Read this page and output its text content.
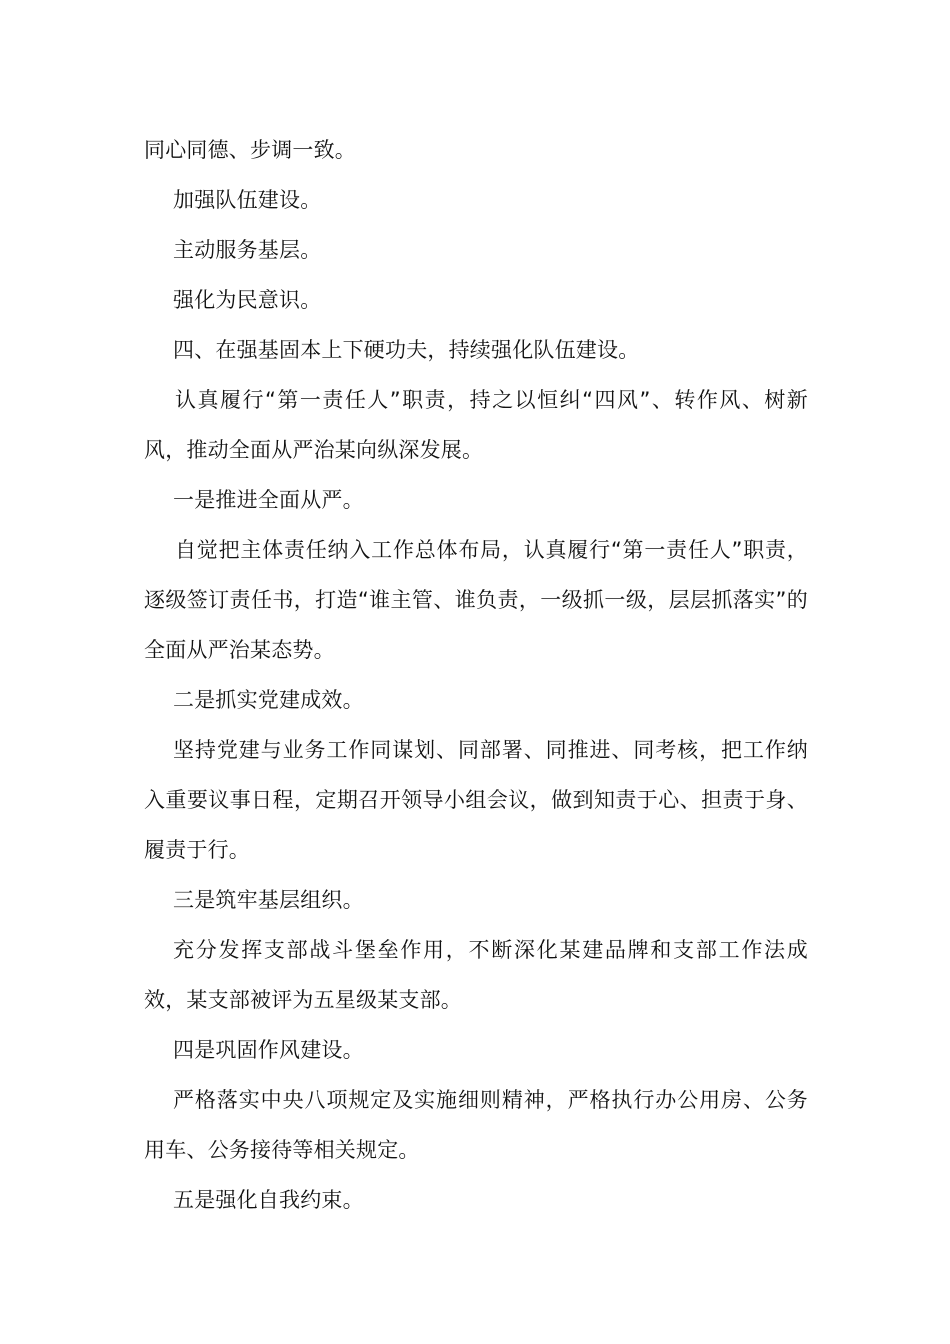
同心同德、步调一致。

加强队伍建设。

主动服务基层。

强化为民意识。

四、在强基固本上下硬功夫，持续强化队伍建设。

认真履行“第一责任人”职责，持之以恒纠“四风”、转作风、树新风，推动全面从严治某向纵深发展。

一是推进全面从严。

自觉把主体责任纳入工作总体布局，认真履行“第一责任人”职责，逐级签订责任书，打造“谁主管、谁负责，一级抓一级，层层抓落实”的全面从严治某态势。

二是抓实党建成效。

坚持党建与业务工作同谋划、同部署、同推进、同考核，把工作纳入重要议事日程，定期召开领导小组会议，做到知责于心、担责于身、履责于行。

三是筑牢基层组织。

充分发挥支部战斗堡垒作用，不断深化某建品牌和支部工作法成效，某支部被评为五星级某支部。

四是巩固作风建设。

严格落实中央八项规定及实施细则精神，严格执行办公用房、公务用车、公务接待等相关规定。

五是强化自我约束。
